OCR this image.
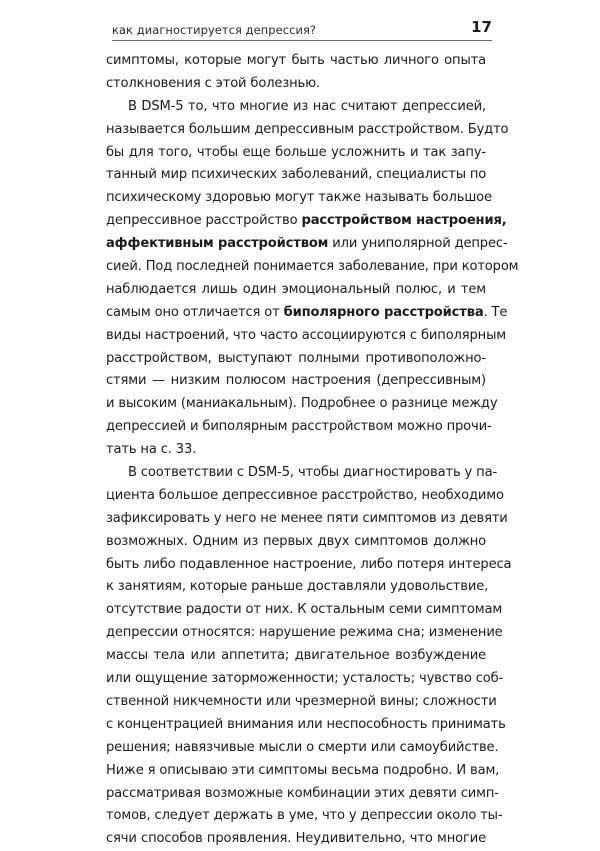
как диагностируется депрессия?	17
симптомы, которые могут быть частью личного опыта
столкновения с этой болезнью.
В DSM-5 то, что многие из нас считают депрессией,
называется большим депрессивным расстройством. Будто
бы для того, чтобы еще больше усложнить и так запу-
танный мир психических заболеваний, специалисты по
психическому здоровью могут также называть большое
депрессивное расстройство расстройством настроения,
аффективным расстройством или униполярной депрес-
сией. Под последней понимается заболевание, при котором
наблюдается лишь один эмоциональный полюс, и тем
самым оно отличается от биполярного расстройства. Те
виды настроений, что часто ассоциируются с биполярным
расстройством, выступают полными противоположно-
стями — низким полюсом настроения (депрессивным)
и высоким (маниакальным). Подробнее о разнице между
депрессией и биполярным расстройством можно прочи-
тать на с. 33.
В соответствии с DSM-5, чтобы диагностировать у па-
циента большое депрессивное расстройство, необходимо
зафиксировать у него не менее пяти симптомов из девяти
возможных. Одним из первых двух симптомов должно
быть либо подавленное настроение, либо потеря интереса
к занятиям, которые раньше доставляли удовольствие,
отсутствие радости от них. К остальным семи симптомам
депрессии относятся: нарушение режима сна; изменение
массы тела или аппетита; двигательное возбуждение
или ощущение заторможенности; усталость; чувство соб-
ственной никчемности или чрезмерной вины; сложности
с концентрацией внимания или неспособность принимать
решения; навязчивые мысли о смерти или самоубийстве.
Ниже я описываю эти симптомы весьма подробно. И вам,
рассматривая возможные комбинации этих девяти симп-
томов, следует держать в уме, что у депрессии около ты-
сячи способов проявления. Неудивительно, что многие
